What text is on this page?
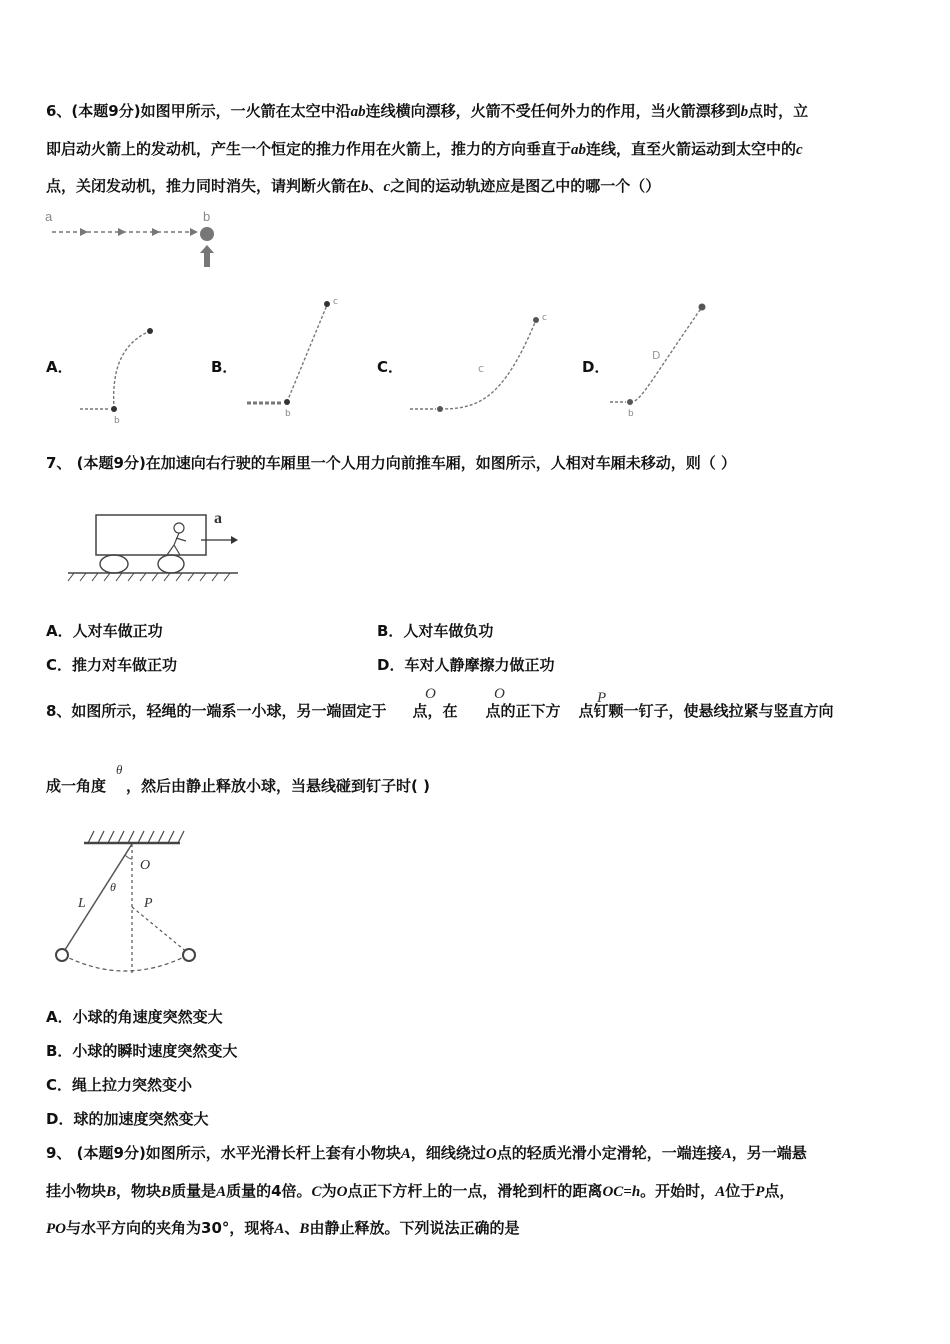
6、(本题9分)如图甲所示，一火箭在太空中沿ab连线横向漂移，火箭不受任何外力的作用，当火箭漂移到b点时，立
即启动火箭上的发动机，产生一个恒定的推力作用在火箭上，推力的方向垂直于ab连线，直至火箭运动到太空中的c
点，关闭发动机，推力同时消失，请判断火箭在b、c之间的运动轨迹应是图乙中的哪一个（）
a	b
A．	B．	C．	D．
b
c
b
c
c
D
b
7、 (本题9分)在加速向右行驶的车厢里一个人用力向前推车厢，如图所示，人相对车厢未移动，则（ ）
a
A．人对车做正功	B．人对车做负功
C．推力对车做正功	D．车对人静摩擦力做正功
8、如图所示，轻绳的一端系一小球，另一端固定于 点，在 点的正下方 点钉颗一钉子，使悬线拉紧与竖直方向
O	O	P
成一角度 ，然后由静止释放小球，当悬线碰到钉子时( )
θ
L
θ
O
P
A．小球的角速度突然变大
B．小球的瞬时速度突然变大
C．绳上拉力突然变小
D．球的加速度突然变大
9、 (本题9分)如图所示，水平光滑长杆上套有小物块A，细线绕过O点的轻质光滑小定滑轮，一端连接A，另一端悬
挂小物块B，物块B质量是A质量的4倍。C为O点正下方杆上的一点，滑轮到杆的距离OC=h。开始时，A位于P点，
PO与水平方向的夹角为30°，现将A、B由静止释放。下列说法正确的是
